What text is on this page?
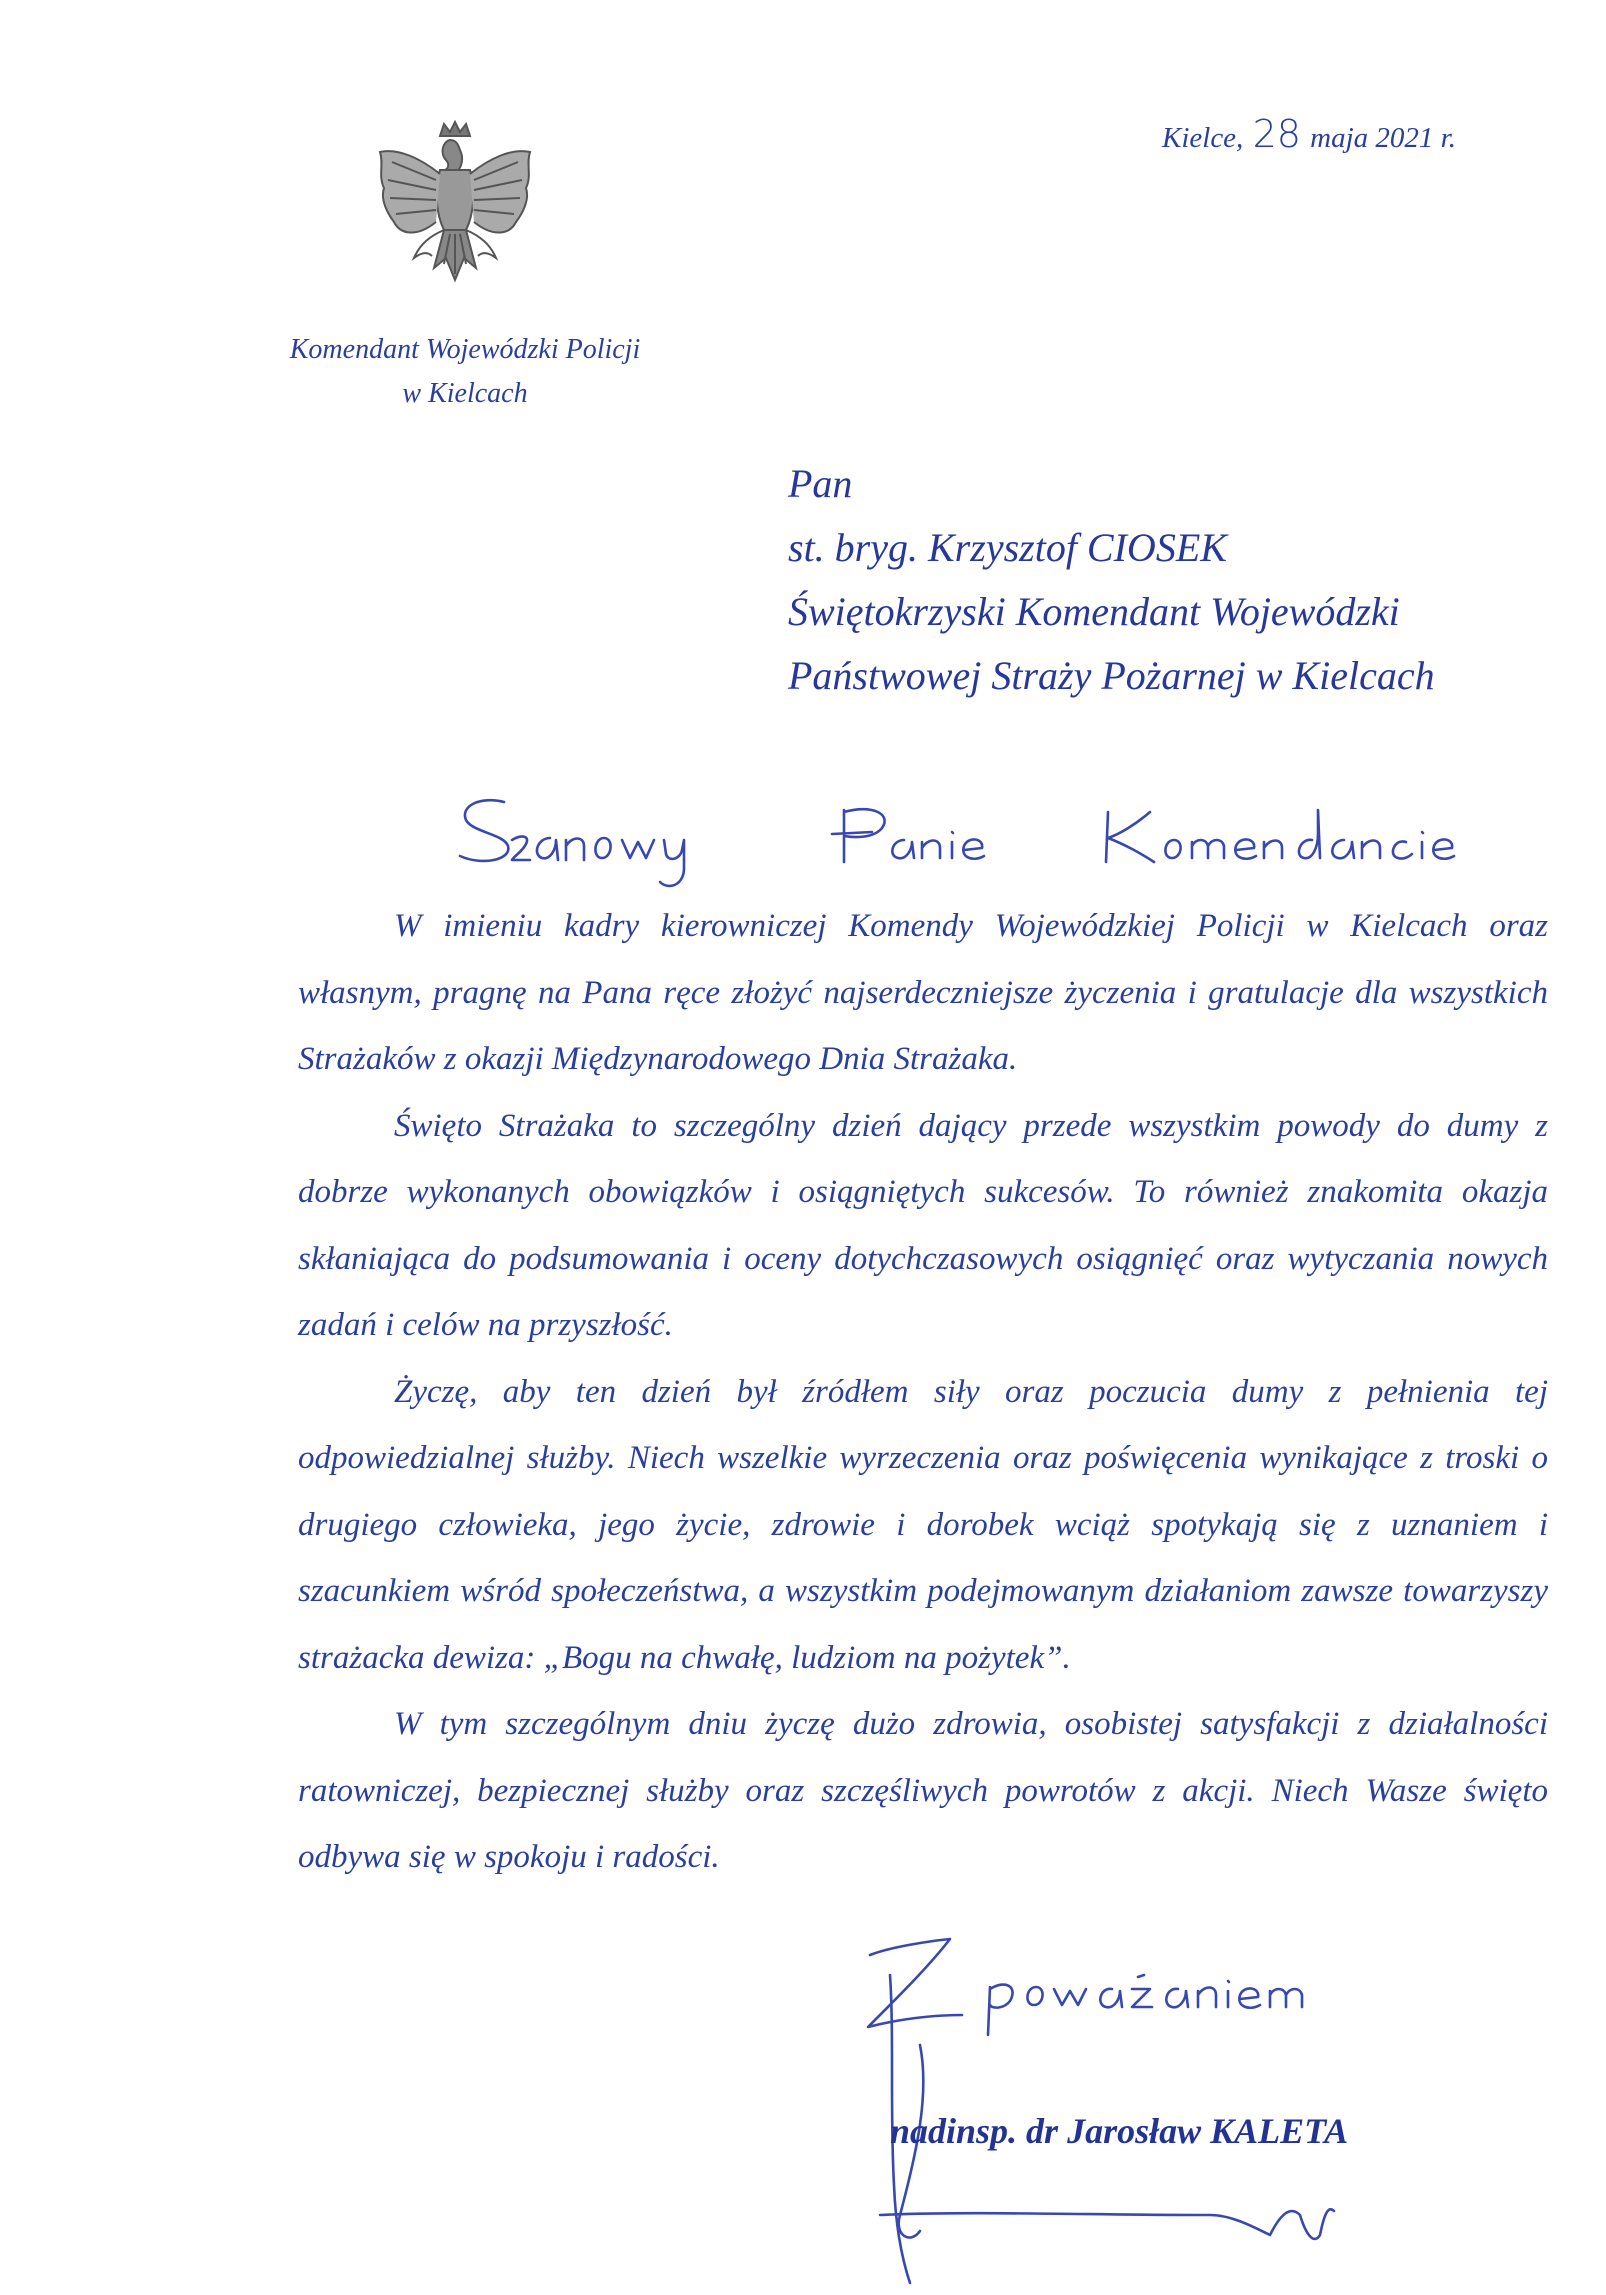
Kielce, 28 maja 2021 r.
Komendant Wojewódzki Policji
w Kielcach
Pan
st. bryg. Krzysztof CIOSEK
Świętokrzyski Komendant Wojewódzki
Państwowej Straży Pożarnej w Kielcach

W imieniu kadry kierowniczej Komendy Wojewódzkiej Policji w Kielcach oraz własnym, pragnę na Pana ręce złożyć najserdeczniejsze życzenia i gratulacje dla wszystkich Strażaków z okazji Międzynarodowego Dnia Strażaka.

Święto Strażaka to szczególny dzień dający przede wszystkim powody do dumy z dobrze wykonanych obowiązków i osiągniętych sukcesów. To również znakomita okazja skłaniająca do podsumowania i oceny dotychczasowych osiągnięć oraz wytyczania nowych zadań i celów na przyszłość.

Życzę, aby ten dzień był źródłem siły oraz poczucia dumy z pełnienia tej odpowiedzialnej służby. Niech wszelkie wyrzeczenia oraz poświęcenia wynikające z troski o drugiego człowieka, jego życie, zdrowie i dorobek wciąż spotykają się z uznaniem i szacunkiem wśród społeczeństwa, a wszystkim podejmowanym działaniom zawsze towarzyszy strażacka dewiza: „Bogu na chwałę, ludziom na pożytek”.

W tym szczególnym dniu życzę dużo zdrowia, osobistej satysfakcji z działalności ratowniczej, bezpiecznej służby oraz szczęśliwych powrotów z akcji. Niech Wasze święto odbywa się w spokoju i radości.

nadinsp. dr Jarosław KALETA
